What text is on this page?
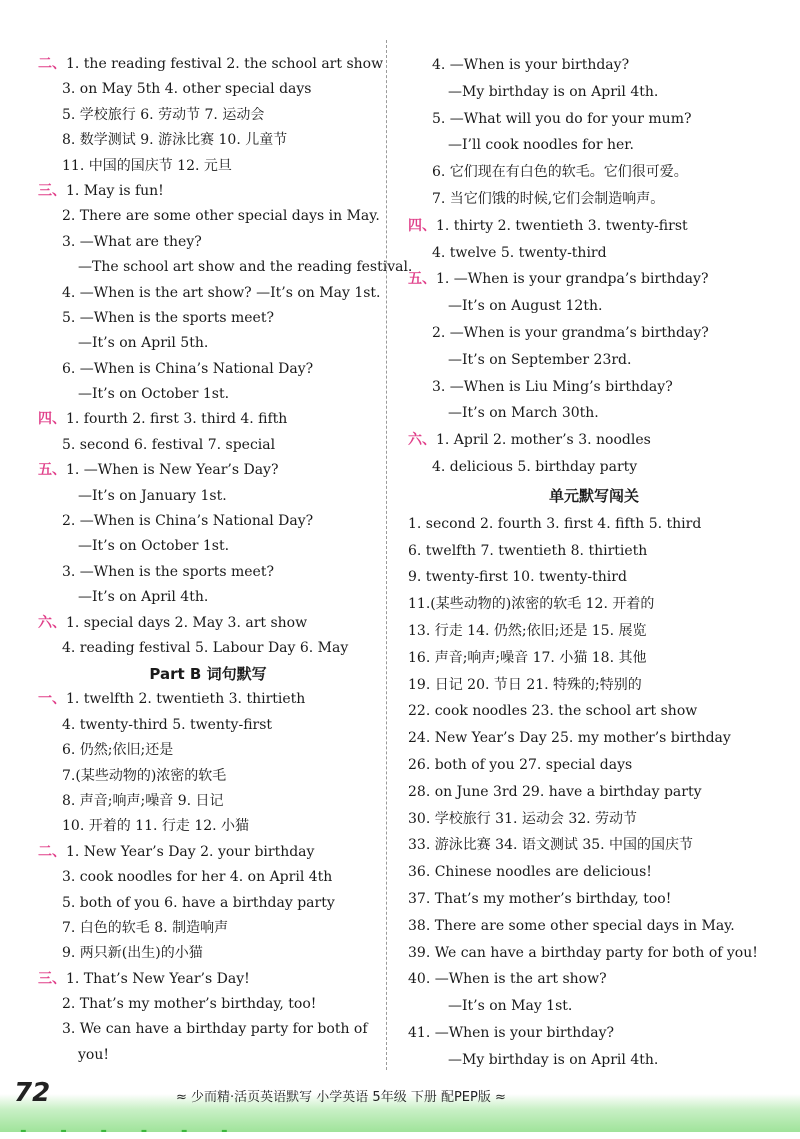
二、1. the reading festival 2. the school art show
3. on May 5th 4. other special days
5. 学校旅行 6. 劳动节 7. 运动会
8. 数学测试 9. 游泳比赛 10. 儿童节
11. 中国的国庆节 12. 元旦
三、1. May is fun!
2. There are some other special days in May.
3. —What are they?
—The school art show and the reading festival.
4. —When is the art show? —It’s on May 1st.
5. —When is the sports meet?
—It’s on April 5th.
6. —When is China’s National Day?
—It’s on October 1st.
四、1. fourth 2. first 3. third 4. fifth
5. second 6. festival 7. special
五、1. —When is New Year’s Day?
—It’s on January 1st.
2. —When is China’s National Day?
—It’s on October 1st.
3. —When is the sports meet?
—It’s on April 4th.
六、1. special days 2. May 3. art show
4. reading festival 5. Labour Day 6. May
Part B 词句默写
一、1. twelfth 2. twentieth 3. thirtieth
4. twenty-third 5. twenty-first
6. 仍然;依旧;还是
7.(某些动物的)浓密的软毛
8. 声音;响声;噪音 9. 日记
10. 开着的 11. 行走 12. 小猫
二、1. New Year’s Day 2. your birthday
3. cook noodles for her 4. on April 4th
5. both of you 6. have a birthday party
7. 白色的软毛 8. 制造响声
9. 两只新(出生)的小猫
三、1. That’s New Year’s Day!
2. That’s my mother’s birthday, too!
3. We can have a birthday party for both of
you!
4. —When is your birthday?
—My birthday is on April 4th.
5. —What will you do for your mum?
—I’ll cook noodles for her.
6. 它们现在有白色的软毛。它们很可爱。
7. 当它们饿的时候,它们会制造响声。
四、1. thirty 2. twentieth 3. twenty-first
4. twelve 5. twenty-third
五、1. —When is your grandpa’s birthday?
—It’s on August 12th.
2. —When is your grandma’s birthday?
—It’s on September 23rd.
3. —When is Liu Ming’s birthday?
—It’s on March 30th.
六、1. April 2. mother’s 3. noodles
4. delicious 5. birthday party
单元默写闯关
1. second 2. fourth 3. first 4. fifth 5. third
6. twelfth 7. twentieth 8. thirtieth
9. twenty-first 10. twenty-third
11.(某些动物的)浓密的软毛 12. 开着的
13. 行走 14. 仍然;依旧;还是 15. 展览
16. 声音;响声;噪音 17. 小猫 18. 其他
19. 日记 20. 节日 21. 特殊的;特别的
22. cook noodles 23. the school art show
24. New Year’s Day 25. my mother’s birthday
26. both of you 27. special days
28. on June 3rd 29. have a birthday party
30. 学校旅行 31. 运动会 32. 劳动节
33. 游泳比赛 34. 语文测试 35. 中国的国庆节
36. Chinese noodles are delicious!
37. That’s my mother’s birthday, too!
38. There are some other special days in May.
39. We can have a birthday party for both of you!
40. —When is the art show?
—It’s on May 1st.
41. —When is your birthday?
—My birthday is on April 4th.
72	≈ 少而精·活页英语默写 小学英语 5年级 下册 配PEP版 ≈
- - - - - -
